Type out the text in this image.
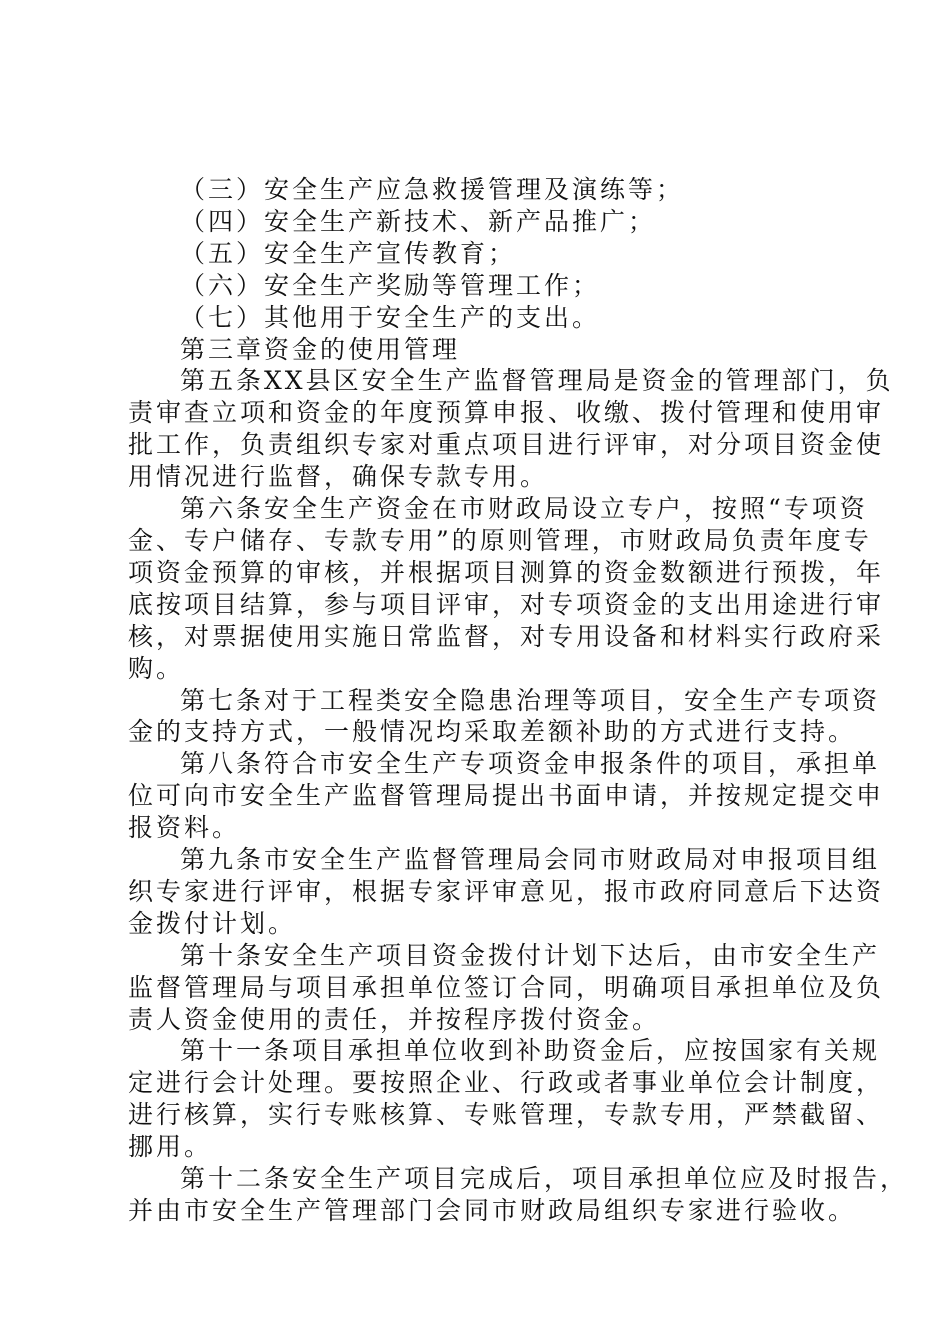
（三）安全生产应急救援管理及演练等；

（四）安全生产新技术、新产品推广；

（五）安全生产宣传教育；

（六）安全生产奖励等管理工作；

（七）其他用于安全生产的支出。

第三章资金的使用管理

第五条XX县区安全生产监督管理局是资金的管理部门，负

责审查立项和资金的年度预算申报、收缴、拨付管理和使用审

批工作，负责组织专家对重点项目进行评审，对分项目资金使

用情况进行监督，确保专款专用。

第六条安全生产资金在市财政局设立专户，按照“专项资

金、专户储存、专款专用”的原则管理，市财政局负责年度专

项资金预算的审核，并根据项目测算的资金数额进行预拨，年

底按项目结算，参与项目评审，对专项资金的支出用途进行审

核，对票据使用实施日常监督，对专用设备和材料实行政府采

购。

第七条对于工程类安全隐患治理等项目，安全生产专项资

金的支持方式，一般情况均采取差额补助的方式进行支持。

第八条符合市安全生产专项资金申报条件的项目，承担单

位可向市安全生产监督管理局提出书面申请，并按规定提交申

报资料。

第九条市安全生产监督管理局会同市财政局对申报项目组

织专家进行评审，根据专家评审意见，报市政府同意后下达资

金拨付计划。

第十条安全生产项目资金拨付计划下达后，由市安全生产

监督管理局与项目承担单位签订合同，明确项目承担单位及负

责人资金使用的责任，并按程序拨付资金。

第十一条项目承担单位收到补助资金后，应按国家有关规

定进行会计处理。要按照企业、行政或者事业单位会计制度，

进行核算，实行专账核算、专账管理，专款专用，严禁截留、

挪用。

第十二条安全生产项目完成后，项目承担单位应及时报告，

并由市安全生产管理部门会同市财政局组织专家进行验收。
